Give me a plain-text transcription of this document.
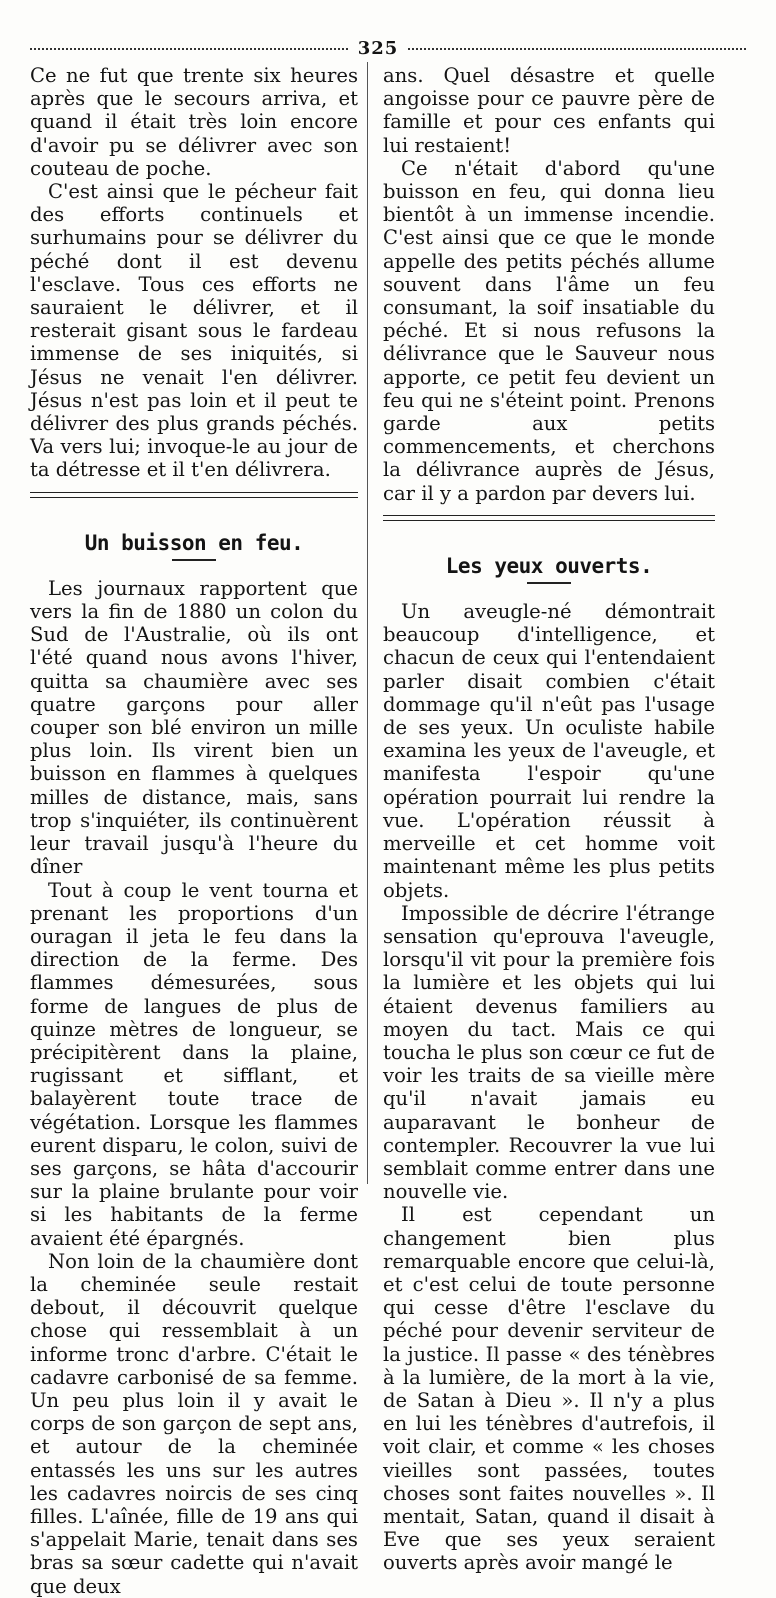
325

Ce ne fut que trente six heures après que le secours arriva, et quand il était très loin encore d'avoir pu se délivrer avec son couteau de poche.

C'est ainsi que le pécheur fait des efforts continuels et surhumains pour se délivrer du péché dont il est devenu l'esclave. Tous ces efforts ne sauraient le délivrer, et il resterait gisant sous le fardeau immense de ses iniquités, si Jésus ne venait l'en délivrer. Jésus n'est pas loin et il peut te délivrer des plus grands péchés. Va vers lui; invoque-le au jour de ta détresse et il t'en délivrera.

Un buisson en feu.

Les journaux rapportent que vers la fin de 1880 un colon du Sud de l'Australie, où ils ont l'été quand nous avons l'hiver, quitta sa chaumière avec ses quatre garçons pour aller couper son blé environ un mille plus loin. Ils virent bien un buisson en flammes à quelques milles de distance, mais, sans trop s'inquiéter, ils continuèrent leur travail jusqu'à l'heure du dîner

Tout à coup le vent tourna et prenant les proportions d'un ouragan il jeta le feu dans la direction de la ferme. Des flammes démesurées, sous forme de langues de plus de quinze mètres de longueur, se précipitèrent dans la plaine, rugissant et sifflant, et balayèrent toute trace de végétation. Lorsque les flammes eurent disparu, le colon, suivi de ses garçons, se hâta d'accourir sur la plaine brulante pour voir si les habitants de la ferme avaient été épargnés.

Non loin de la chaumière dont la cheminée seule restait debout, il découvrit quelque chose qui ressemblait à un informe tronc d'arbre. C'était le cadavre carbonisé de sa femme. Un peu plus loin il y avait le corps de son garçon de sept ans, et autour de la cheminée entassés les uns sur les autres les cadavres noircis de ses cinq filles. L'aînée, fille de 19 ans qui s'appelait Marie, tenait dans ses bras sa sœur cadette qui n'avait que deux

ans. Quel désastre et quelle angoisse pour ce pauvre père de famille et pour ces enfants qui lui restaient!

Ce n'était d'abord qu'une buisson en feu, qui donna lieu bientôt à un immense incendie. C'est ainsi que ce que le monde appelle des petits péchés allume souvent dans l'âme un feu consumant, la soif insatiable du péché. Et si nous refusons la délivrance que le Sauveur nous apporte, ce petit feu devient un feu qui ne s'éteint point. Prenons garde aux petits commencements, et cherchons la délivrance auprès de Jésus, car il y a pardon par devers lui.

Les yeux ouverts.

Un aveugle-né démontrait beaucoup d'intelligence, et chacun de ceux qui l'entendaient parler disait combien c'était dommage qu'il n'eût pas l'usage de ses yeux. Un oculiste habile examina les yeux de l'aveugle, et manifesta l'espoir qu'une opération pourrait lui rendre la vue. L'opération réussit à merveille et cet homme voit maintenant même les plus petits objets.

Impossible de décrire l'étrange sensation qu'eprouva l'aveugle, lorsqu'il vit pour la première fois la lumière et les objets qui lui étaient devenus familiers au moyen du tact. Mais ce qui toucha le plus son cœur ce fut de voir les traits de sa vieille mère qu'il n'avait jamais eu auparavant le bonheur de contempler. Recouvrer la vue lui semblait comme entrer dans une nouvelle vie.

Il est cependant un changement bien plus remarquable encore que celui-là, et c'est celui de toute personne qui cesse d'être l'esclave du péché pour devenir serviteur de la justice. Il passe « des ténèbres à la lumière, de la mort à la vie, de Satan à Dieu ». Il n'y a plus en lui les ténèbres d'autrefois, il voit clair, et comme « les choses vieilles sont passées, toutes choses sont faites nouvelles ». Il mentait, Satan, quand il disait à Eve que ses yeux seraient ouverts après avoir mangé le
